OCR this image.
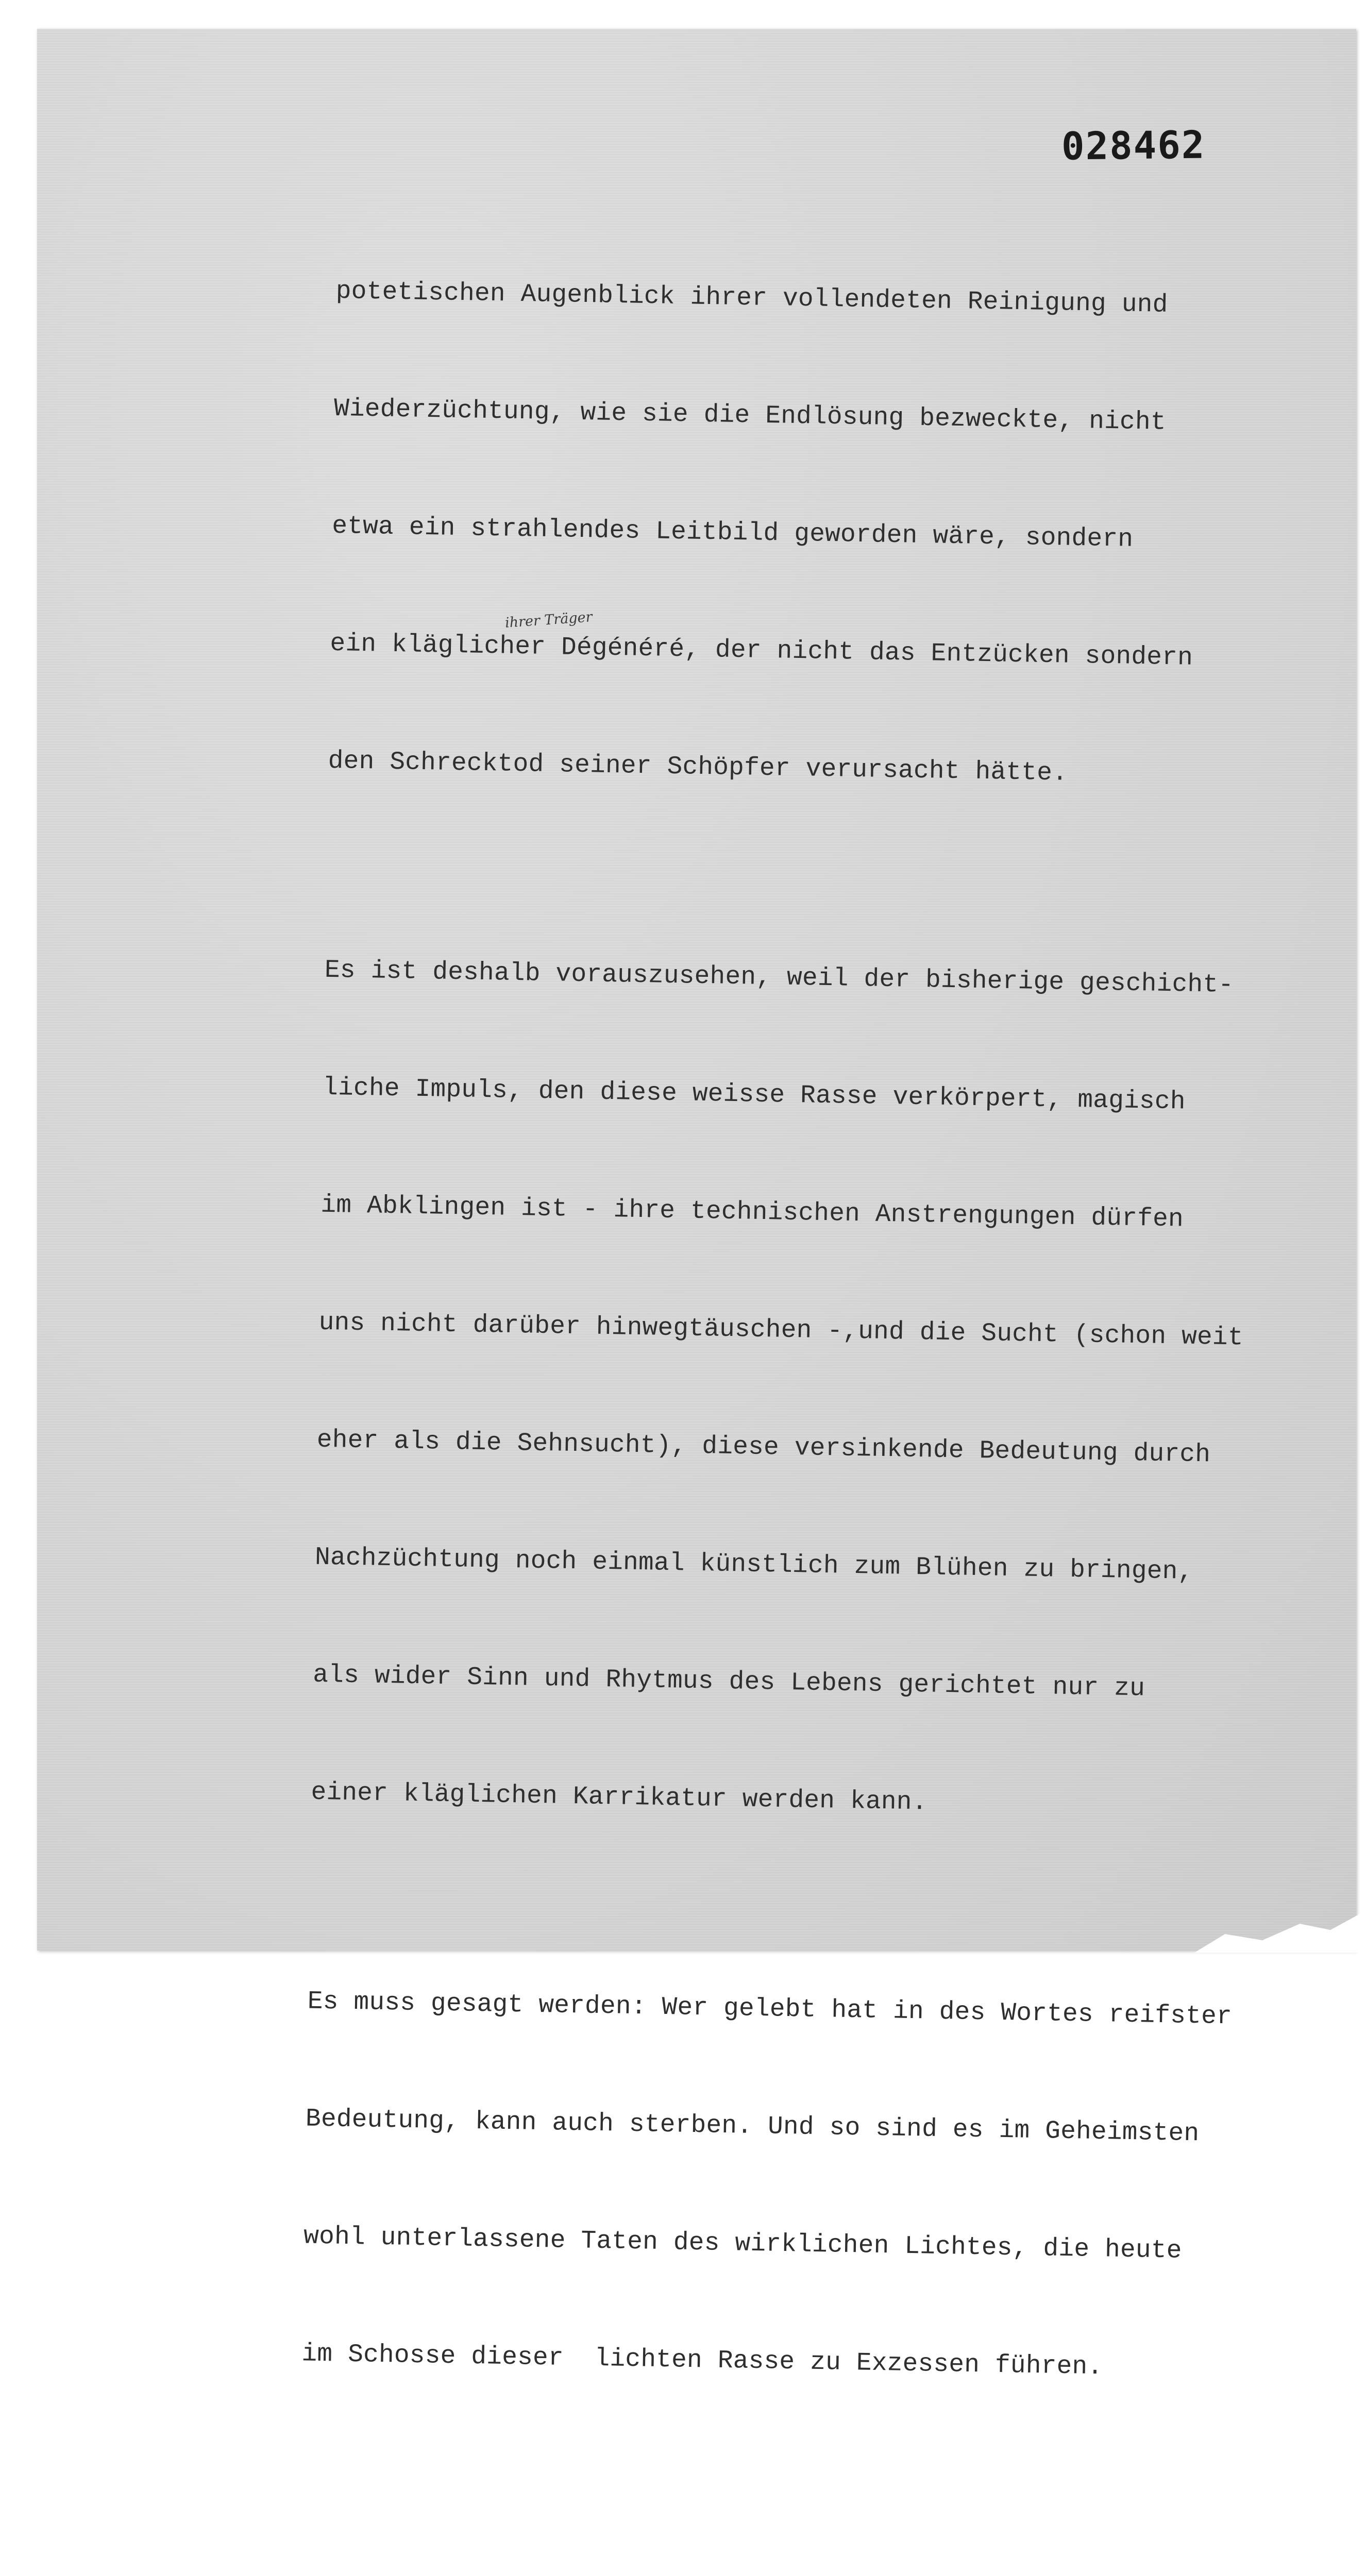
028462
ihrer Träger

potetischen Augenblick ihrer vollendeten Reinigung und

Wiederzüchtung, wie sie die Endlösung bezweckte, nicht

etwa ein strahlendes Leitbild geworden wäre, sondern

ein kläglicher Dégénéré, der nicht das Entzücken sondern

den Schrecktod seiner Schöpfer verursacht hätte.

Es ist deshalb vorauszusehen, weil der bisherige geschicht-

liche Impuls, den diese weisse Rasse verkörpert, magisch

im Abklingen ist - ihre technischen Anstrengungen dürfen

uns nicht darüber hinwegtäuschen -,und die Sucht (schon weit

eher als die Sehnsucht), diese versinkende Bedeutung durch

Nachzüchtung noch einmal künstlich zum Blühen zu bringen,

als wider Sinn und Rhytmus des Lebens gerichtet nur zu

einer kläglichen Karrikatur werden kann.

Es muss gesagt werden: Wer gelebt hat in des Wortes reifster

Bedeutung, kann auch sterben. Und so sind es im Geheimsten

wohl unterlassene Taten des wirklichen Lichtes, die heute

im Schosse dieser  lichten Rasse zu Exzessen führen.
